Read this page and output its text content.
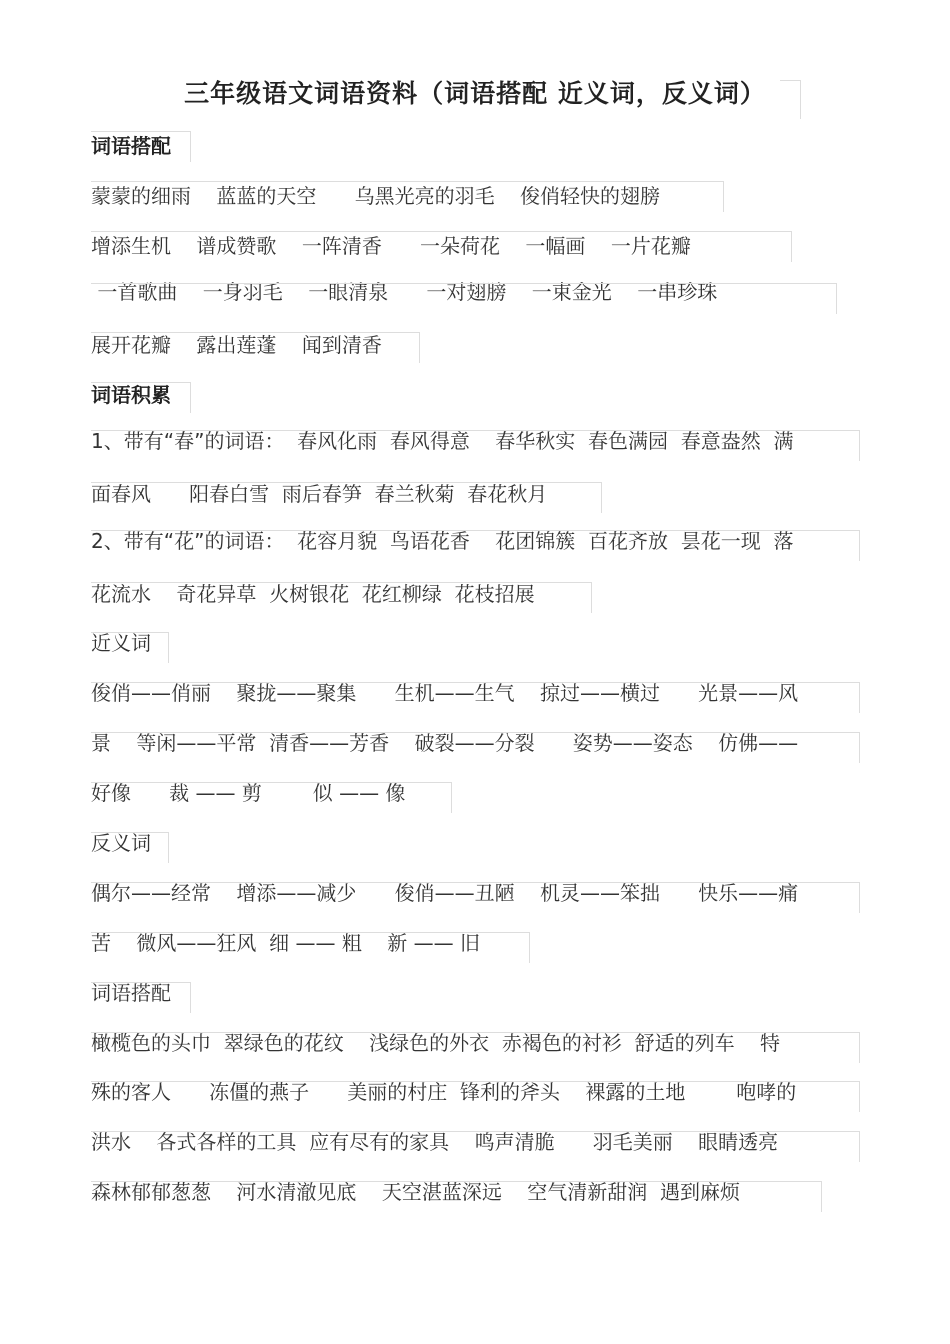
三年级语文词语资料（词语搭配 近义词，反义词）
词语搭配
蒙蒙的细雨    蓝蓝的天空      乌黑光亮的羽毛    俊俏轻快的翅膀
增添生机    谱成赞歌    一阵清香      一朵荷花    一幅画    一片花瓣
一首歌曲    一身羽毛    一眼清泉      一对翅膀    一束金光    一串珍珠
展开花瓣    露出莲蓬    闻到清香
词语积累
1、带有“春”的词语：  春风化雨  春风得意    春华秋实  春色满园  春意盎然  满
面春风      阳春白雪  雨后春笋  春兰秋菊  春花秋月
2、带有“花”的词语：  花容月貌  鸟语花香    花团锦簇  百花齐放  昙花一现  落
花流水    奇花异草  火树银花  花红柳绿  花枝招展
近义词
俊俏——俏丽    聚拢——聚集      生机——生气    掠过——横过      光景——风
景    等闲——平常  清香——芳香    破裂——分裂      姿势——姿态    仿佛——
好像      裁 —— 剪        似 —— 像
反义词
偶尔——经常    增添——减少      俊俏——丑陋    机灵——笨拙      快乐——痛
苦    微风——狂风  细 —— 粗    新 —— 旧
词语搭配
橄榄色的头巾  翠绿色的花纹    浅绿色的外衣  赤褐色的衬衫  舒适的列车    特
殊的客人      冻僵的燕子      美丽的村庄  锋利的斧头    裸露的土地        咆哮的
洪水    各式各样的工具  应有尽有的家具    鸣声清脆      羽毛美丽    眼睛透亮
森林郁郁葱葱    河水清澈见底    天空湛蓝深远    空气清新甜润  遇到麻烦
